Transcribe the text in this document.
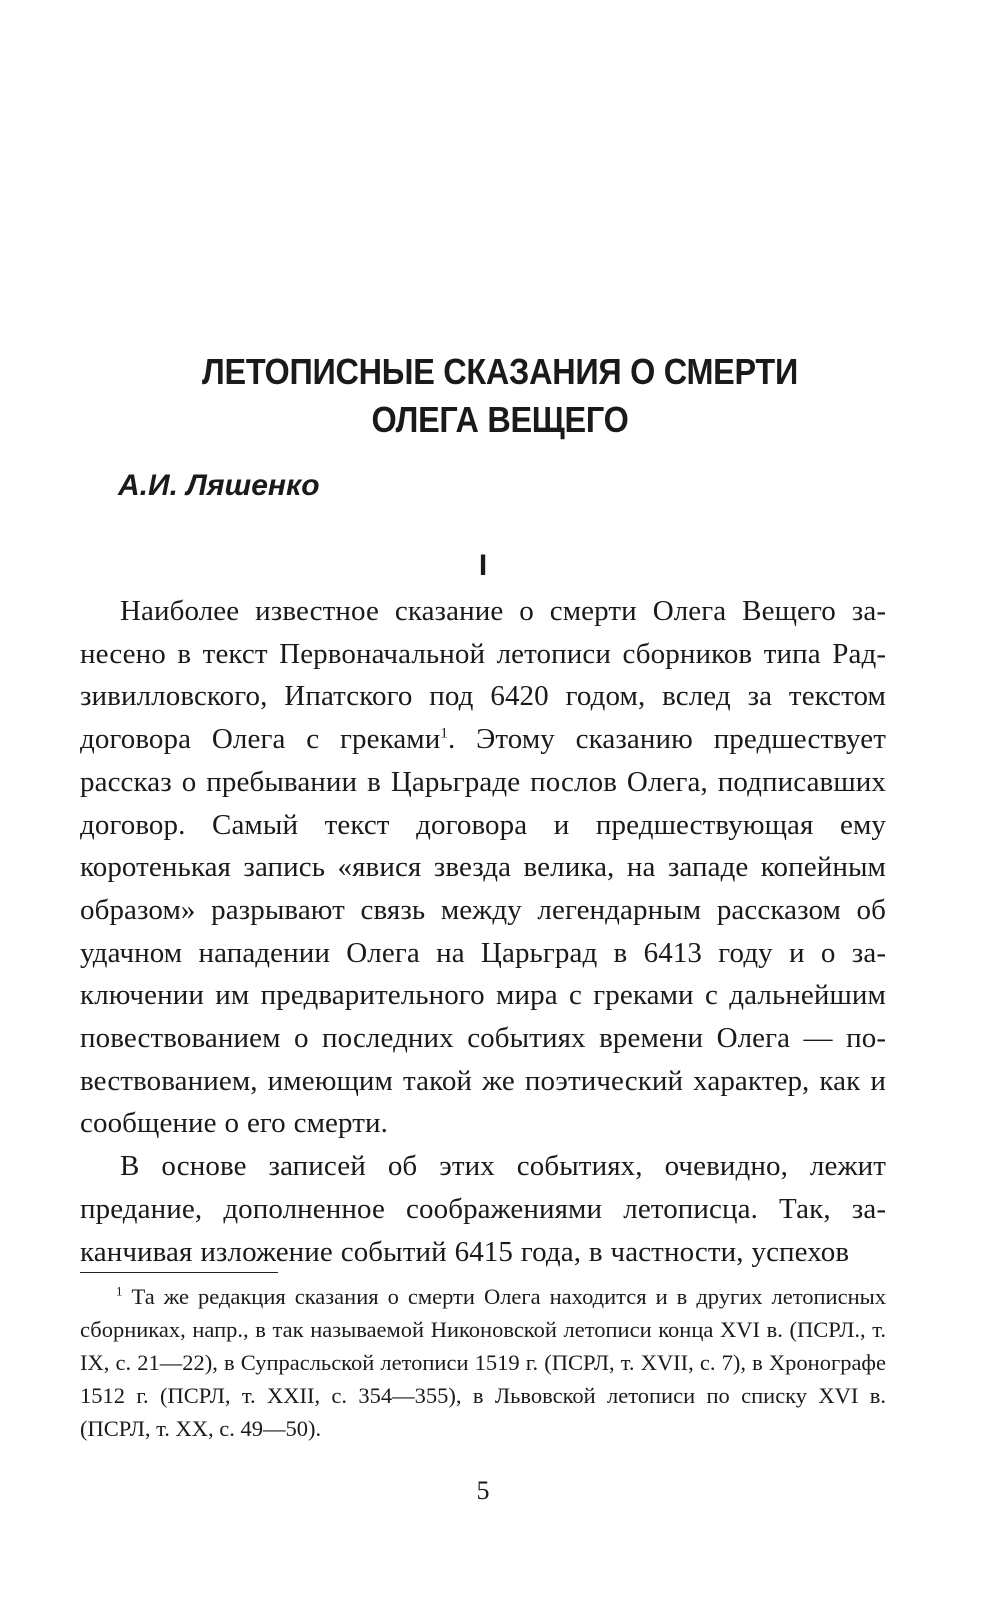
ЛЕТОПИСНЫЕ СКАЗАНИЯ О СМЕРТИ
ОЛЕГА ВЕЩЕГО

А.И. Ляшенко

I

Наиболее известное сказание о смерти Олега Вещего занесено в текст Первоначальной летописи сборников типа Радзивилловского, Ипатского под 6420 годом, вслед за текстом договора Олега с греками$^1$. Этому сказанию предшествует рассказ о пребывании в Царьграде послов Олега, подписавших договор. Самый текст договора и предшествующая ему коротенькая запись «явися звезда велика, на западе копейным образом» разрывают связь между легендарным рассказом об удачном нападении Олега на Царьград в 6413 году и о заключении им предварительного мира с греками с дальнейшим повествованием о последних событиях времени Олега — повествованием, имеющим такой же поэтический характер, как и сообщение о его смерти.

В основе записей об этих событиях, очевидно, лежит предание, дополненное соображениями летописца. Так, заканчивая изложение событий 6415 года, в частности, успехов

$^1$ Та же редакция сказания о смерти Олега находится и в других летописных сборниках, напр., в так называемой Никоновской летописи конца XVI в. (ПСРЛ., т. IX, с. 21—22), в Супрасльской летописи 1519 г. (ПСРЛ, т. XVII, с. 7), в Хронографе 1512 г. (ПСРЛ, т. XXII, с. 354—355), в Львовской летописи по списку XVI в. (ПСРЛ, т. XX, с. 49—50).

5
